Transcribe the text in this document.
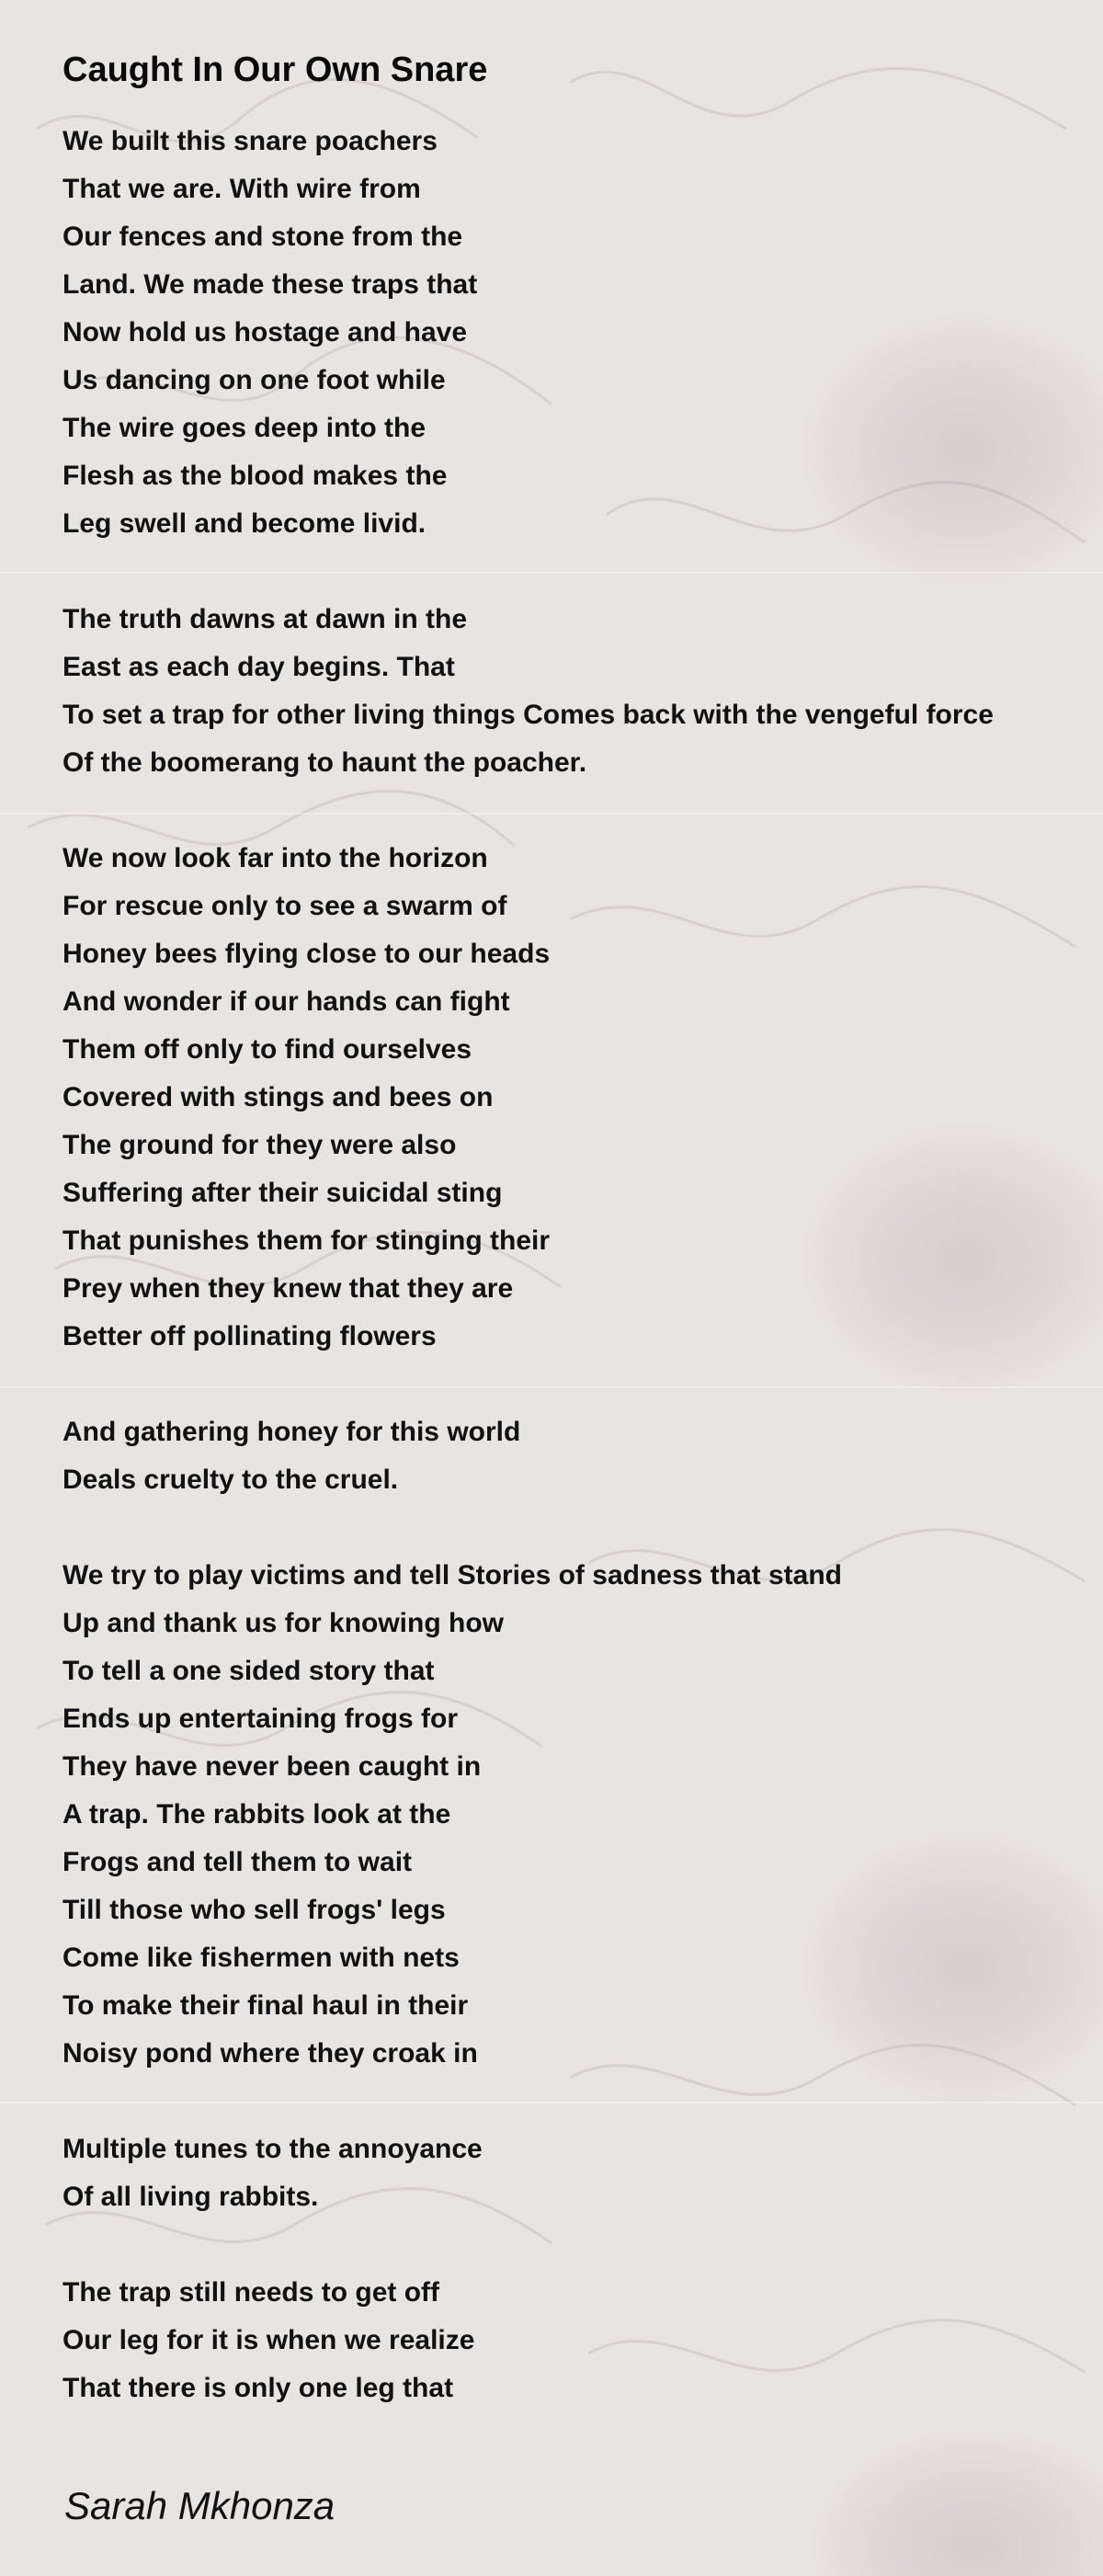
Caught In Our Own Snare
We built this snare poachers
That we are. With wire from
Our fences and stone from the
Land. We made these traps that
Now hold us hostage and have
Us dancing on one foot while
The wire goes deep into the
Flesh as the blood makes the
Leg swell and become livid.
The truth dawns at dawn in the
East as each day begins. That
To set a trap for other living things Comes back with the vengeful force
Of the boomerang to haunt the poacher.
We now look far into the horizon
For rescue only to see a swarm of
Honey bees flying close to our heads
And wonder if our hands can fight
Them off only to find ourselves
Covered with stings and bees on
The ground for they were also
Suffering after their suicidal sting
That punishes them for stinging their
Prey when they knew that they are
Better off pollinating flowers
And gathering honey for this world
Deals cruelty to the cruel.
We try to play victims and tell Stories of sadness that stand
Up and thank us for knowing how
To tell a one sided story that
Ends up entertaining frogs for
They have never been caught in
A trap. The rabbits look at the
Frogs and tell them to wait
Till those who sell frogs' legs
Come like fishermen with nets
To make their final haul in their
Noisy pond where they croak in
Multiple tunes to the annoyance
Of all living rabbits.
The trap still needs to get off
Our leg for it is when we realize
That there is only one leg that
Sarah Mkhonza
